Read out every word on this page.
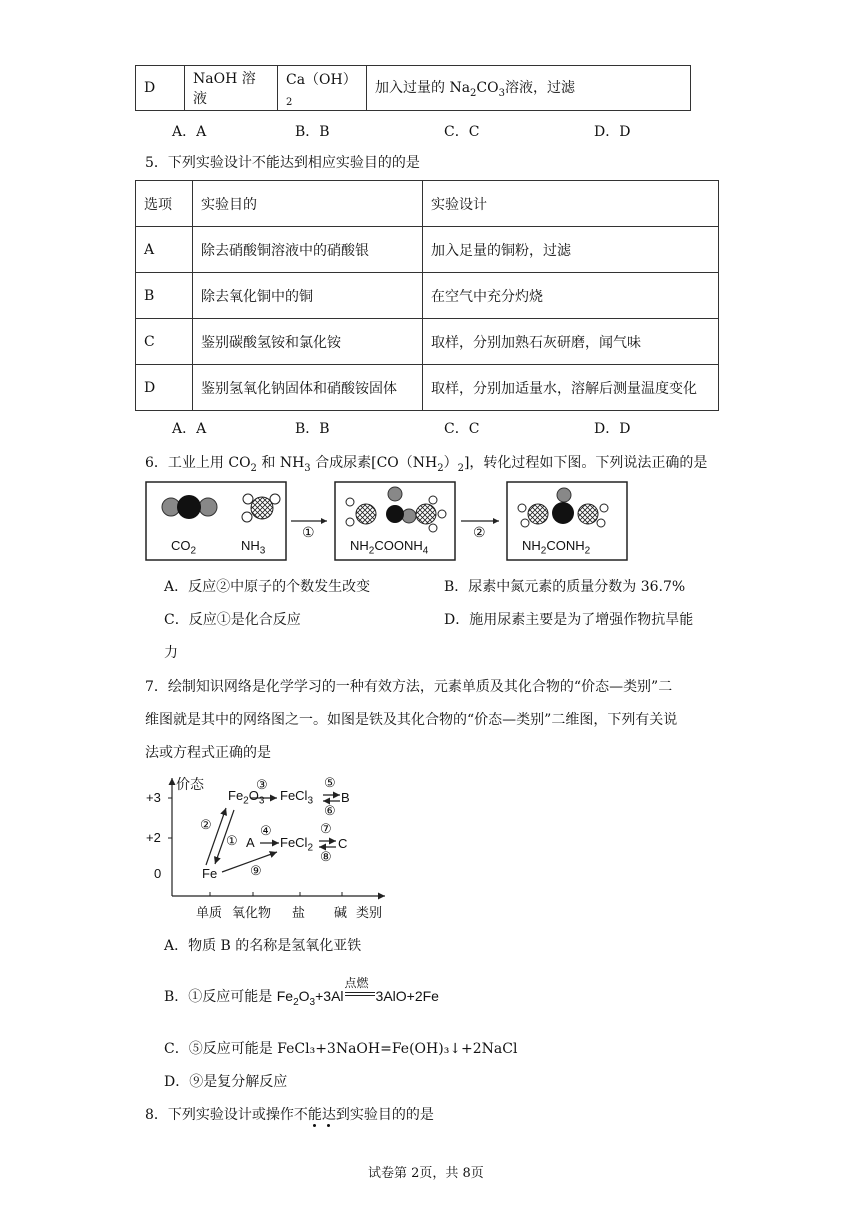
D	NaOH 溶液	$Ca(OH)_2$	加入过量的 $Na_2CO_3$溶液，过滤
A．A	B．B	C．C	D．D
5．下列实验设计不能达到相应实验目的的是
选项	实验目的	实验设计
A	除去硝酸铜溶液中的硝酸银	加入足量的铜粉，过滤
B	除去氧化铜中的铜	在空气中充分灼烧
C	鉴别碳酸氢铵和氯化铵	取样，分别加熟石灰研磨，闻气味
D	鉴别氢氧化钠固体和硝酸铵固体	取样，分别加适量水，溶解后测量温度变化
A．A	B．B	C．C	D．D
6．工业上用 $CO_2$ 和 $NH_3$ 合成尿素$[CO(NH_2)_2]$，转化过程如下图。下列说法正确的是
$CO_2$	$NH_3$
①
$NH_2COONH_4$
②
$NH_2CONH_2$
A．反应②中原子的个数发生改变	B．尿素中氮元素的质量分数为 36.7%
C．反应①是化合反应	D．施用尿素主要是为了增强作物抗旱能
力
7．绘制知识网络是化学学习的一种有效方法，元素单质及其化合物的“价态—类别”二
维图就是其中的网络图之一。如图是铁及其化合物的“价态—类别”二维图，下列有关说
法或方程式正确的是
价态
+3
+2
0
$Fe_2O_3$ FeCl$_3$ B
A FeCl$_2$ C
Fe
①
②
③
④
⑤
⑥
⑦
⑧
⑨
单质 氧化物 盐 碱 类别
A．物质 B 的名称是氢氧化亚铁
B．①反应可能是 $Fe_2O_3+3Al$
点燃
3AlO+2Fe
C．⑤反应可能是 FeCl₃+3NaOH=Fe(OH)₃↓+2NaCl
D．⑨是复分解反应
8．下列实验设计或操作不能达到实验目的的是
试卷第 2页，共 8页
